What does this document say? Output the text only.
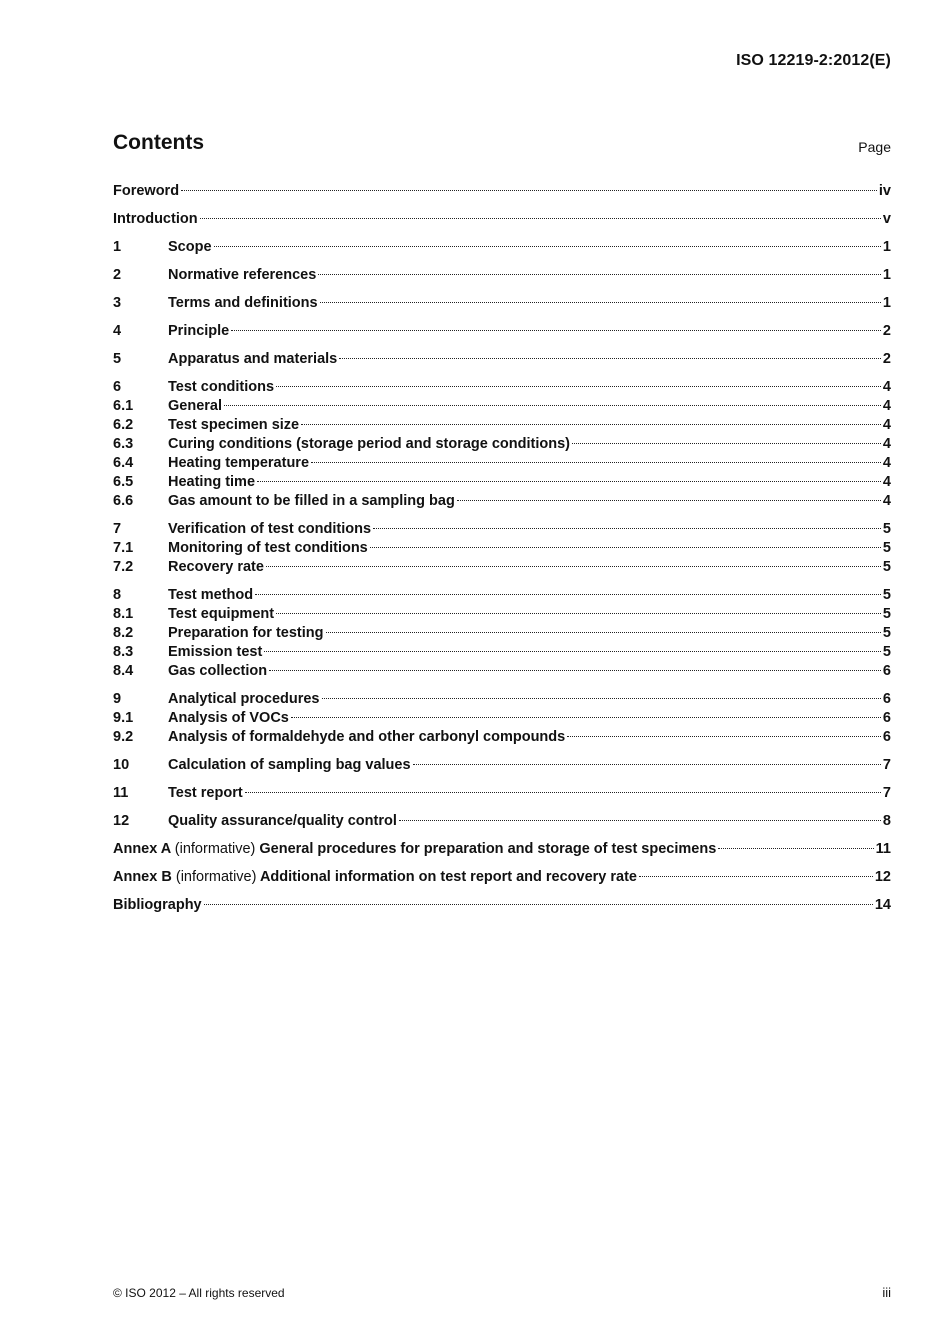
ISO 12219-2:2012(E)
Contents	Page
Foreword	iv
Introduction	v
1	Scope	1
2	Normative references	1
3	Terms and definitions	1
4	Principle	2
5	Apparatus and materials	2
6	Test conditions	4
6.1	General	4
6.2	Test specimen size	4
6.3	Curing conditions (storage period and storage conditions)	4
6.4	Heating temperature	4
6.5	Heating time	4
6.6	Gas amount to be filled in a sampling bag	4
7	Verification of test conditions	5
7.1	Monitoring of test conditions	5
7.2	Recovery rate	5
8	Test method	5
8.1	Test equipment	5
8.2	Preparation for testing	5
8.3	Emission test	5
8.4	Gas collection	6
9	Analytical procedures	6
9.1	Analysis of VOCs	6
9.2	Analysis of formaldehyde and other carbonyl compounds	6
10	Calculation of sampling bag values	7
11	Test report	7
12	Quality assurance/quality control	8
Annex A (informative) General procedures for preparation and storage of test specimens	11
Annex B (informative) Additional information on test report and recovery rate	12
Bibliography	14
© ISO 2012 – All rights reserved	iii
